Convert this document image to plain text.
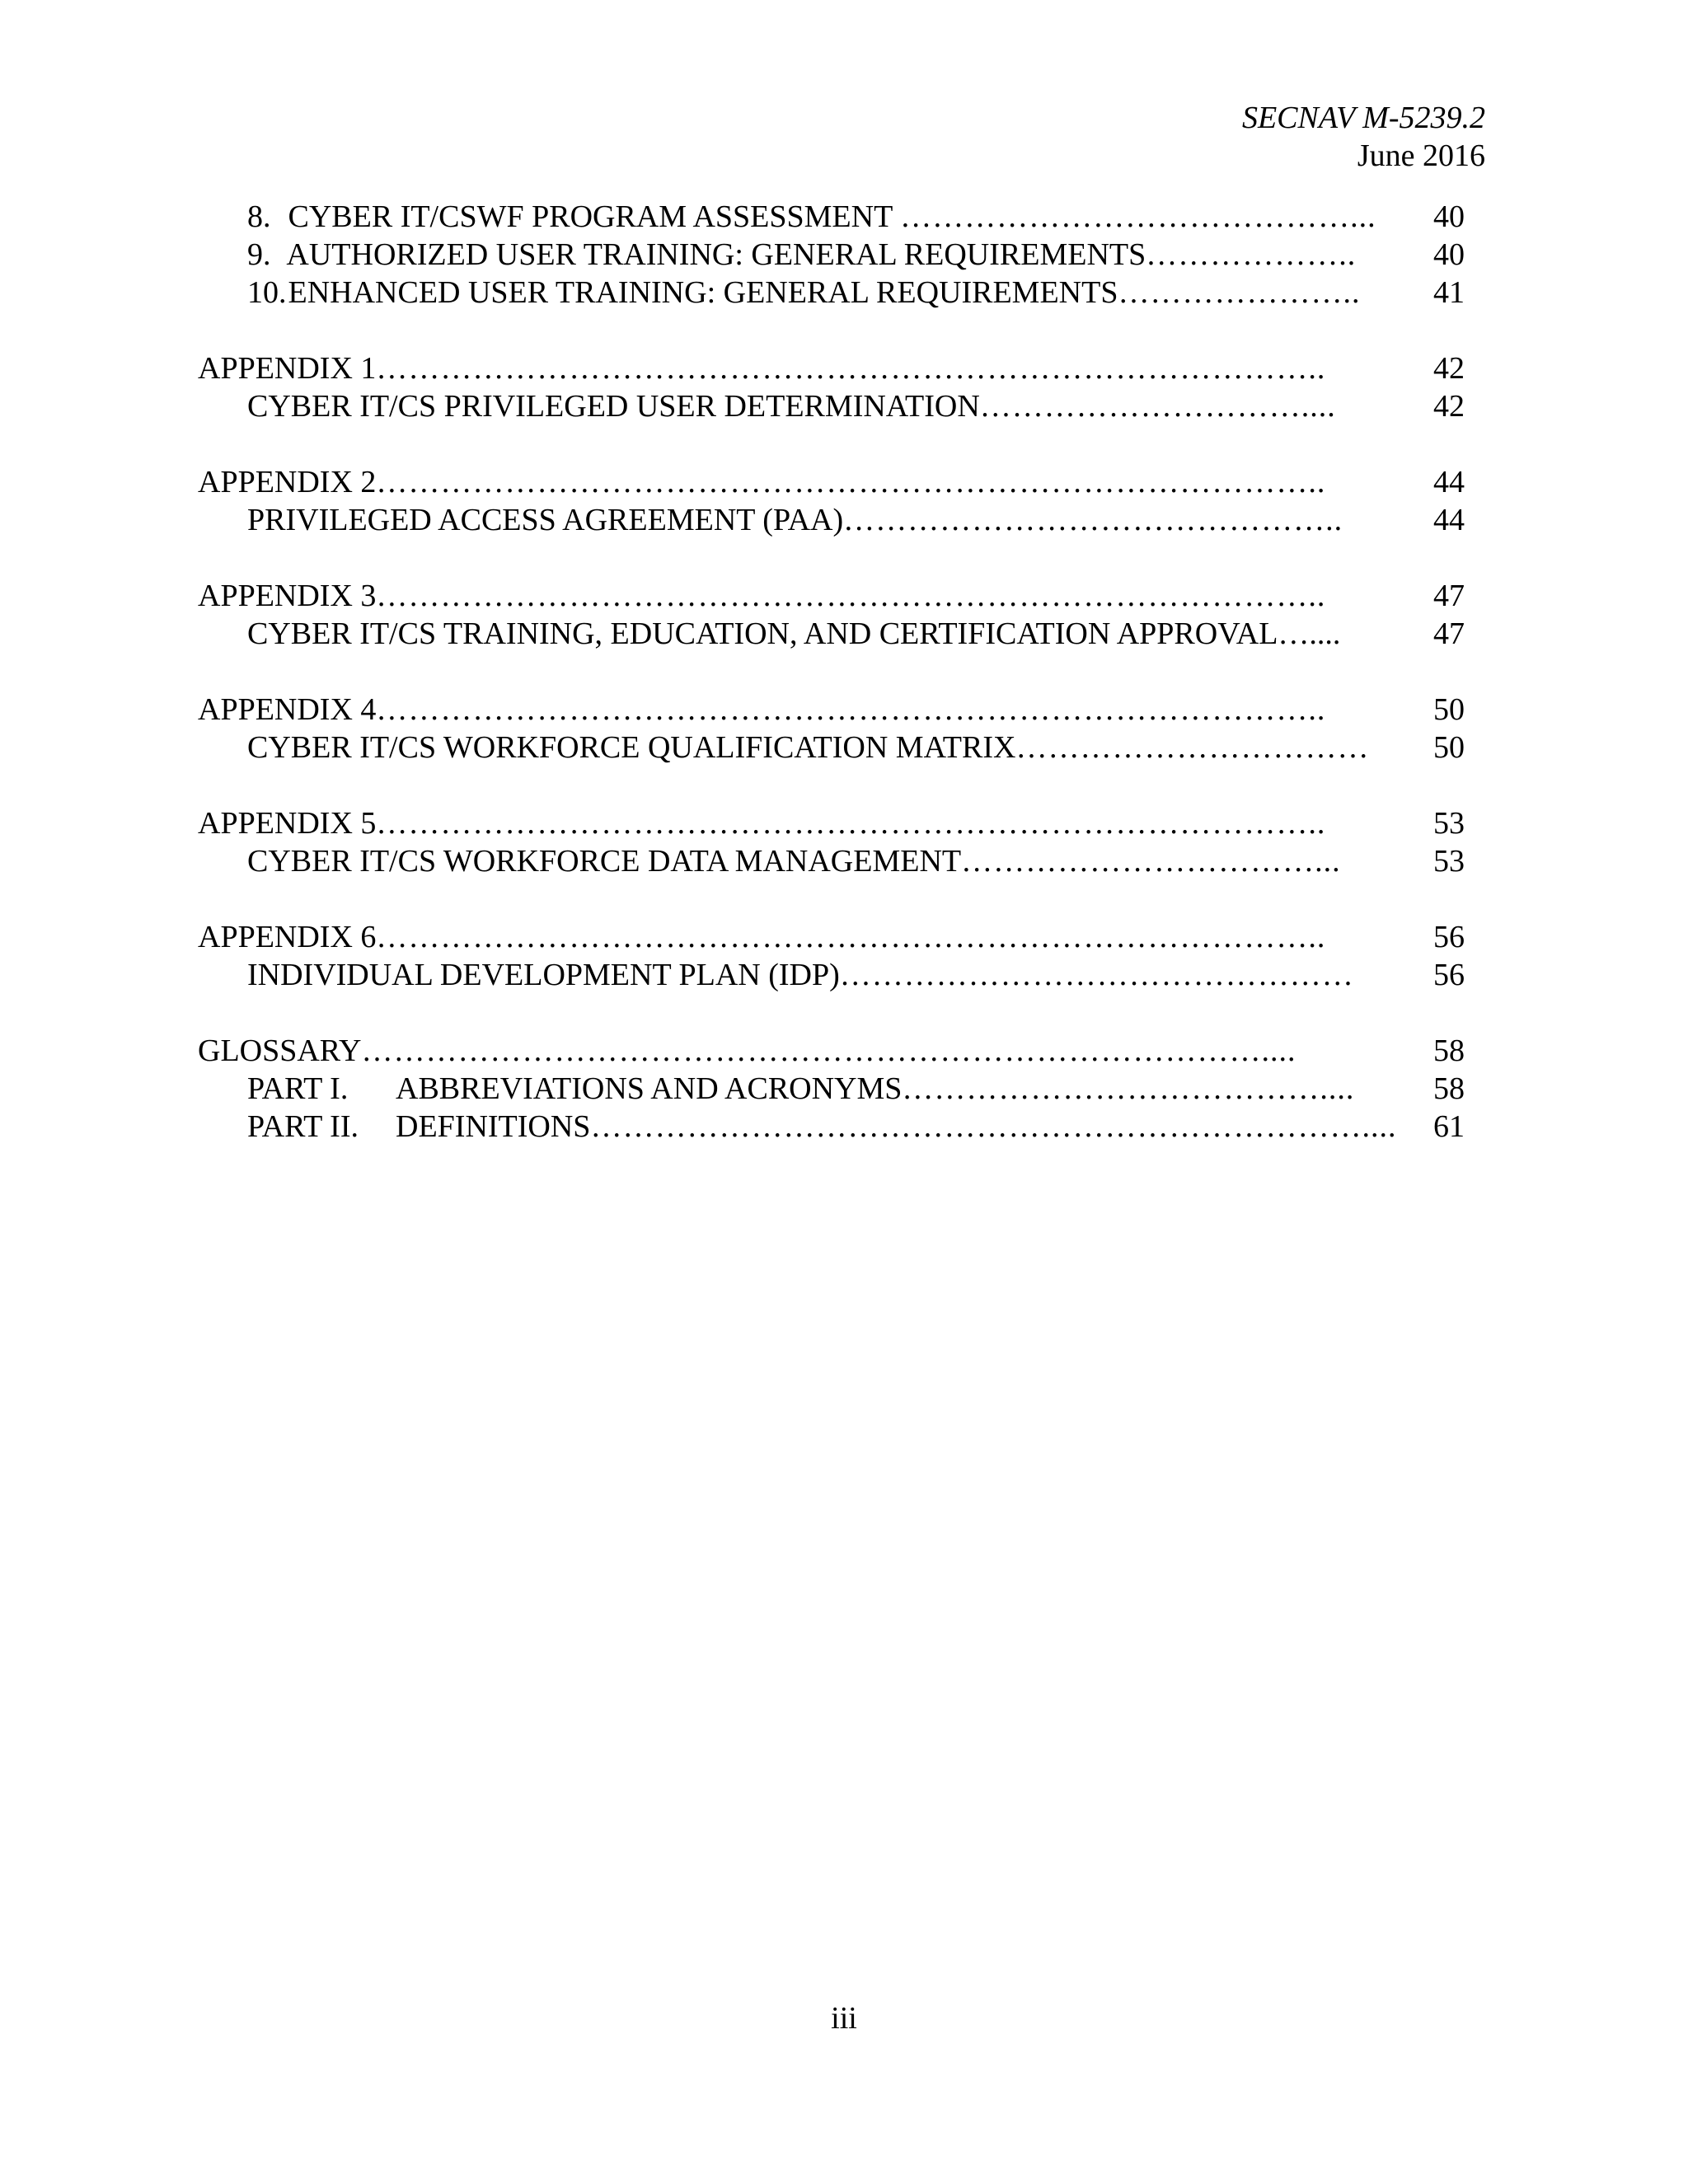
SECNAV M-5239.2
June 2016
8. CYBER IT/CSWF PROGRAM ASSESSMENT ……………………………………... 40
9. AUTHORIZED USER TRAINING: GENERAL REQUIREMENTS……………….. 40
10. ENHANCED USER TRAINING: GENERAL REQUIREMENTS………………….. 41
APPENDIX 1……………………………………………………………………………..	42
CYBER IT/CS PRIVILEGED USER DETERMINATION…………………………....	42
APPENDIX 2……………………………………………………………………………..	44
PRIVILEGED ACCESS AGREEMENT (PAA)………………………………………..	44
APPENDIX 3……………………………………………………………………………..	47
CYBER IT/CS TRAINING, EDUCATION, AND CERTIFICATION APPROVAL…....	47
APPENDIX 4……………………………………………………………………………..	50
CYBER IT/CS WORKFORCE QUALIFICATION MATRIX…………………………… 50
APPENDIX 5……………………………………………………………………………..	53
CYBER IT/CS WORKFORCE DATA MANAGEMENT……………………………...	53
APPENDIX 6……………………………………………………………………………..	56
INDIVIDUAL DEVELOPMENT PLAN (IDP)…………………………………………	56
GLOSSARY…………………………………………………………………………....	58
PART I. ABBREVIATIONS AND ACRONYMS…………………………………....	58
PART II. DEFINITIONS……………………………………………………………….... 61
iii
